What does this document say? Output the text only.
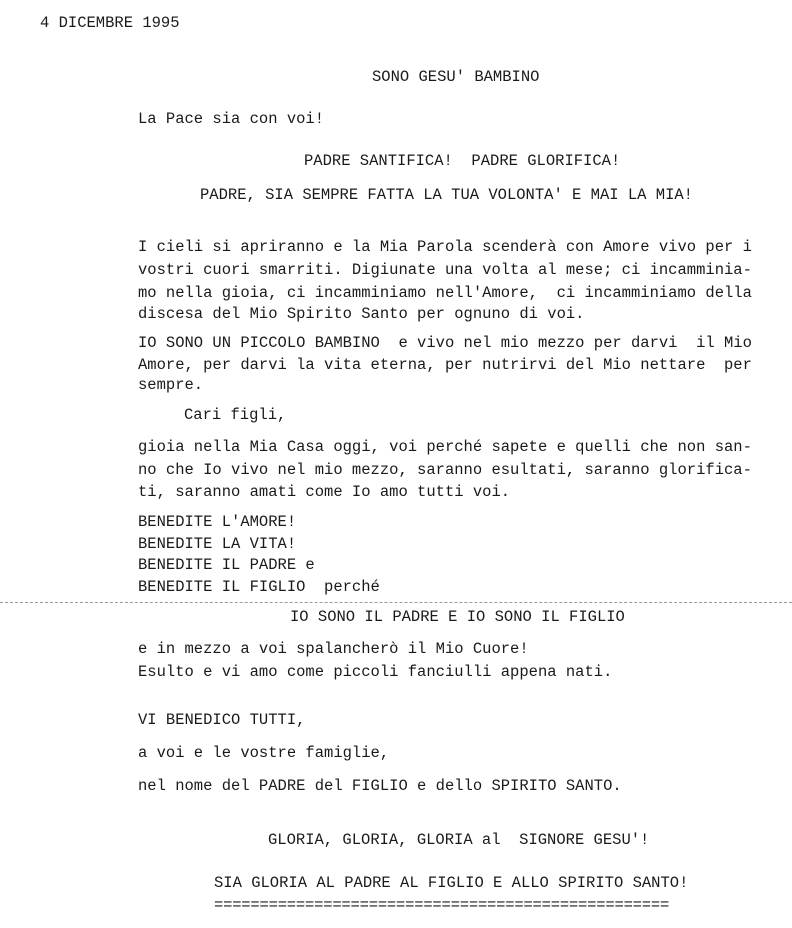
4 DICEMBRE 1995
SONO GESU' BAMBINO
La Pace sia con voi!
PADRE SANTIFICA!  PADRE GLORIFICA!
PADRE, SIA SEMPRE FATTA LA TUA VOLONTA' E MAI LA MIA!
I cieli si apriranno e la Mia Parola scenderà con Amore vivo per i
vostri cuori smarriti. Digiunate una volta al mese; ci incamminia-
mo nella gioia, ci incamminiamo nell'Amore,  ci incamminiamo della
discesa del Mio Spirito Santo per ognuno di voi.
IO SONO UN PICCOLO BAMBINO  e vivo nel mio mezzo per darvi  il Mio
Amore, per darvi la vita eterna, per nutrirvi del Mio nettare  per
sempre.
Cari figli,
gioia nella Mia Casa oggi, voi perché sapete e quelli che non san-
no che Io vivo nel mio mezzo, saranno esultati, saranno glorifica-
ti, saranno amati come Io amo tutti voi.
BENEDITE L'AMORE!
BENEDITE LA VITA!
BENEDITE IL PADRE e
BENEDITE IL FIGLIO  perché
IO SONO IL PADRE E IO SONO IL FIGLIO
e in mezzo a voi spalancherò il Mio Cuore!
Esulto e vi amo come piccoli fanciulli appena nati.
VI BENEDICO TUTTI,
a voi e le vostre famiglie,
nel nome del PADRE del FIGLIO e dello SPIRITO SANTO.
GLORIA, GLORIA, GLORIA al  SIGNORE GESU'!
SIA GLORIA AL PADRE AL FIGLIO E ALLO SPIRITO SANTO!
==================================================
